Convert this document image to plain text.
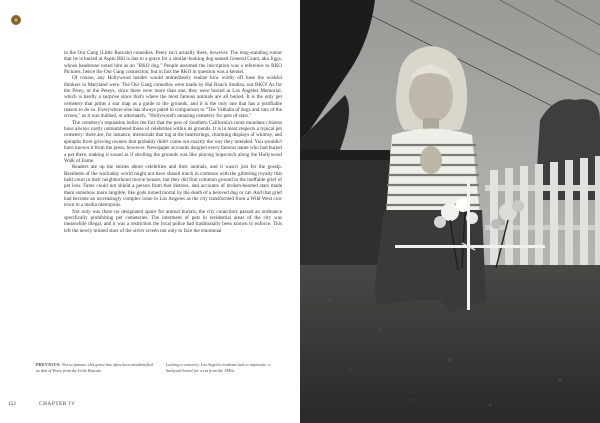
in the Our Gang (Little Rascals) comedies. Petey isn't actually there, however. The long-standing rumor that he is buried at Aspin Hill is due to a grave for a similar-looking dog named General Grant, aka Jiggs, whose headstone noted him as an "RKO dog." People assumed the inscription was a reference to RKO Pictures, hence the Our Gang connection, but in fact the RKO in question was a kennel.

Of course, any Hollywood insider would immediately realize how wildly off base the wishful thinkers in Maryland were. The Our Gang comedies were made by Hal Roach Studios, not RKO! As for the Petey, or the Peteys, since there were more than one, they were buried at Los Angeles Memorial, which is hardly a surprise since that's where the most famous animals are all buried. It is the only pet cemetery that prints a star map as a guide to the grounds, and it is the only one that has a justifiable reason to do so. Everywhere else has always paled in comparison to "The Valhalla of dogs and cats of the screen," as it was dubbed, or alternately, "Hollywood's amazing cemetery for pets of stars."

The cemetery's reputation belies the fact that the pets of Southern California's more mundane citizens have always vastly outnumbered those of celebrities within its grounds. It is in most respects a typical pet cemetery: there are, for instance, memorials that tug at the heartstrings, charming displays of whimsy, and epitaphs from grieving owners that probably didn't come out exactly the way they intended. You wouldn't have known it from the press, however. Newspaper accounts dangled every famous name who had buried a pet there, making it sound as if strolling the grounds was like playing hopscotch along the Hollywood Walk of Fame.

Readers ate up the stories about celebrities and their animals, and it wasn't just for the gossip. Residents of the workaday world might not have shared much in common with the glittering royalty that held court in their neighborhood movie houses, but they did find common ground in the ineffable grief of pet loss. Fame could not shield a person from that distress, and accounts of broken-hearted stars made them somehow more tangible, like gods turned mortal by the death of a beloved dog or cat. And that grief had become an increasingly complex issue in Los Angeles as the city transformed from a Wild West cow town to a media metropolis.

Not only was there no designated space for animal burials, the city councilors passed an ordinance specifically prohibiting pet cemeteries. The interment of pets in residential areas of the city was meanwhile illegal, and it was a restriction the local police had traditionally been known to enforce. This left the newly minted stars of the silver screen not only to face the emotional

PREVIOUS: Not so famous: this grave has often been misidentified as that of Petey from the Little Rascals.
Lacking a cemetery, Los Angeles residents had to improvise: a backyard burial for a cat from the 1940s.
152	CHAPTER IV
